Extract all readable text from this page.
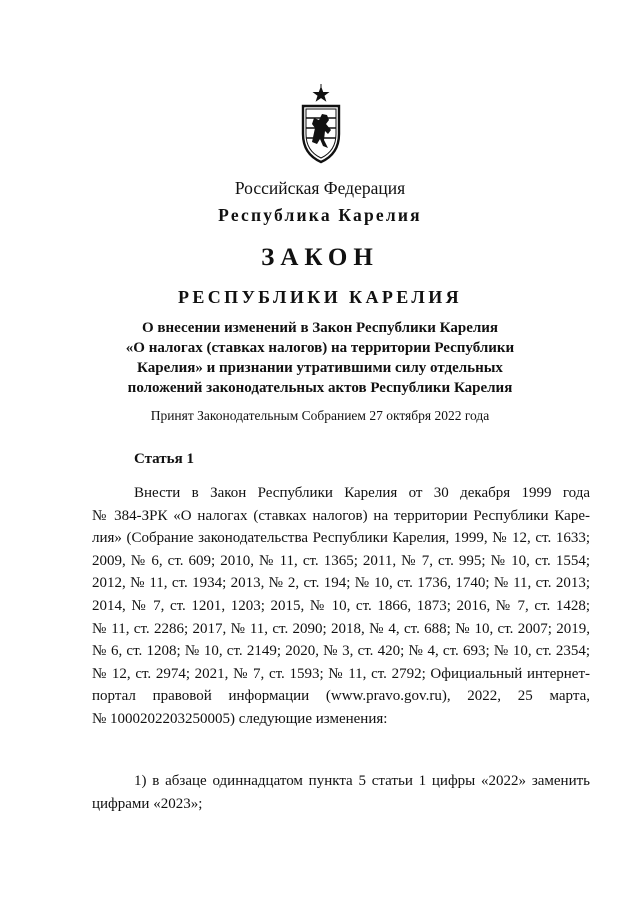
Российская Федерация
Республика Карелия
ЗАКОН
РЕСПУБЛИКИ КАРЕЛИЯ
О внесении изменений в Закон Республики Карелия
«О налогах (ставках налогов) на территории Республики
Карелия» и признании утратившими силу отдельных
положений законодательных актов Республики Карелия
Принят Законодательным Собранием 27 октября 2022 года
Статья 1
Внести в Закон Республики Карелия от 30 декабря 1999 года
№ 384-ЗРК «О налогах (ставках налогов) на территории Республики Каре-
лия» (Собрание законодательства Республики Карелия, 1999, № 12, ст. 1633;
2009, № 6, ст. 609; 2010, № 11, ст. 1365; 2011, № 7, ст. 995; № 10, ст. 1554;
2012, № 11, ст. 1934; 2013, № 2, ст. 194; № 10, ст. 1736, 1740; № 11, ст. 2013;
2014, № 7, ст. 1201, 1203; 2015, № 10, ст. 1866, 1873; 2016, № 7, ст. 1428;
№ 11, ст. 2286; 2017, № 11, ст. 2090; 2018, № 4, ст. 688; № 10, ст. 2007; 2019,
№ 6, ст. 1208; № 10, ст. 2149; 2020, № 3, ст. 420; № 4, ст. 693; № 10, ст. 2354;
№ 12, ст. 2974; 2021, № 7, ст. 1593; № 11, ст. 2792; Официальный интернет-
портал правовой информации (www.pravo.gov.ru), 2022, 25 марта,
№ 1000202203250005) следующие изменения:
1) в абзаце одиннадцатом пункта 5 статьи 1 цифры «2022» заменить
цифрами «2023»;
